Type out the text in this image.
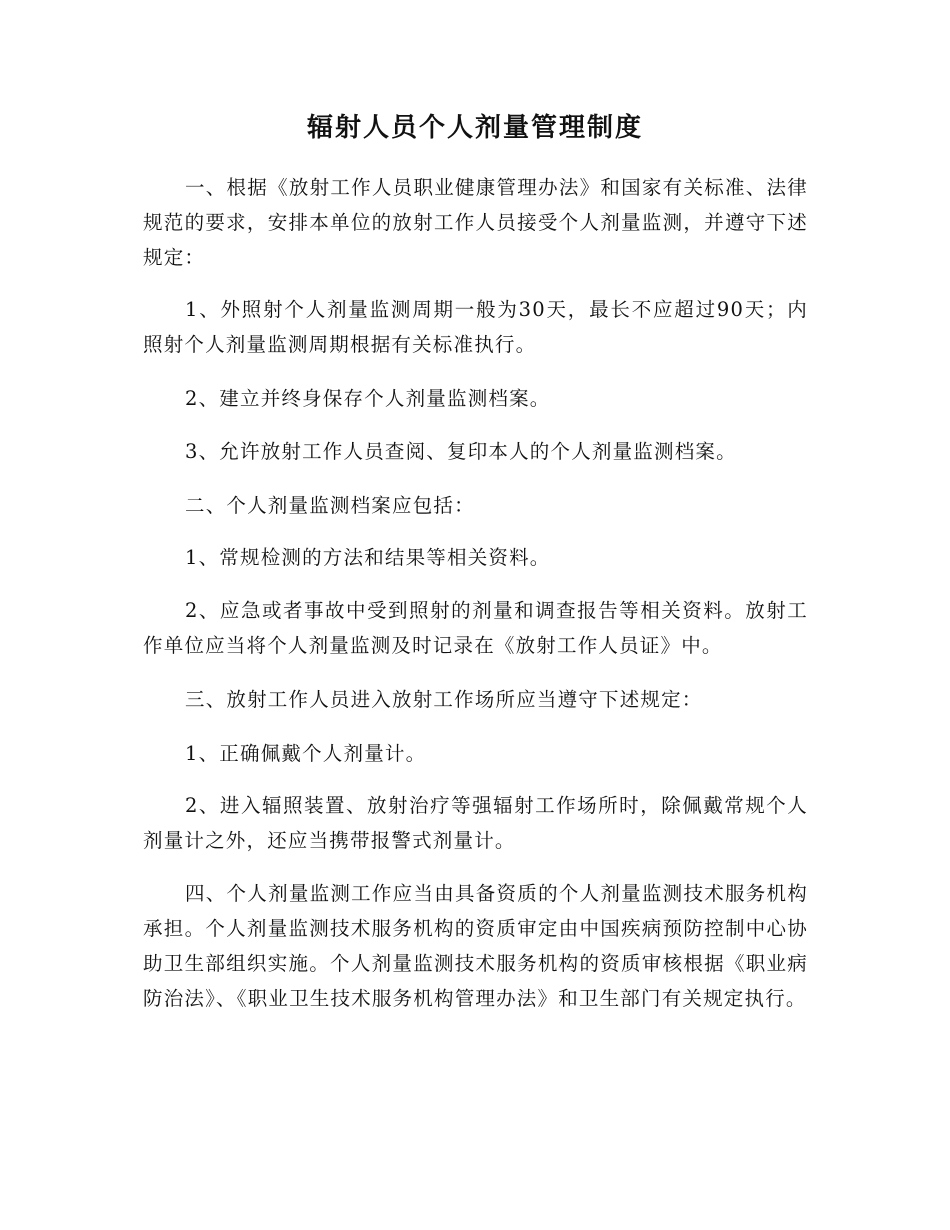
辐射人员个人剂量管理制度
一、根据《放射工作人员职业健康管理办法》和国家有关标准、法律规范的要求，安排本单位的放射工作人员接受个人剂量监测，并遵守下述规定：
1、外照射个人剂量监测周期一般为30天，最长不应超过90天；内照射个人剂量监测周期根据有关标准执行。
2、建立并终身保存个人剂量监测档案。
3、允许放射工作人员查阅、复印本人的个人剂量监测档案。
二、个人剂量监测档案应包括：
1、常规检测的方法和结果等相关资料。
2、应急或者事故中受到照射的剂量和调查报告等相关资料。放射工作单位应当将个人剂量监测及时记录在《放射工作人员证》中。
三、放射工作人员进入放射工作场所应当遵守下述规定：
1、正确佩戴个人剂量计。
2、进入辐照装置、放射治疗等强辐射工作场所时，除佩戴常规个人剂量计之外，还应当携带报警式剂量计。
四、个人剂量监测工作应当由具备资质的个人剂量监测技术服务机构承担。个人剂量监测技术服务机构的资质审定由中国疾病预防控制中心协助卫生部组织实施。个人剂量监测技术服务机构的资质审核根据《职业病防治法》、《职业卫生技术服务机构管理办法》和卫生部门有关规定执行。
